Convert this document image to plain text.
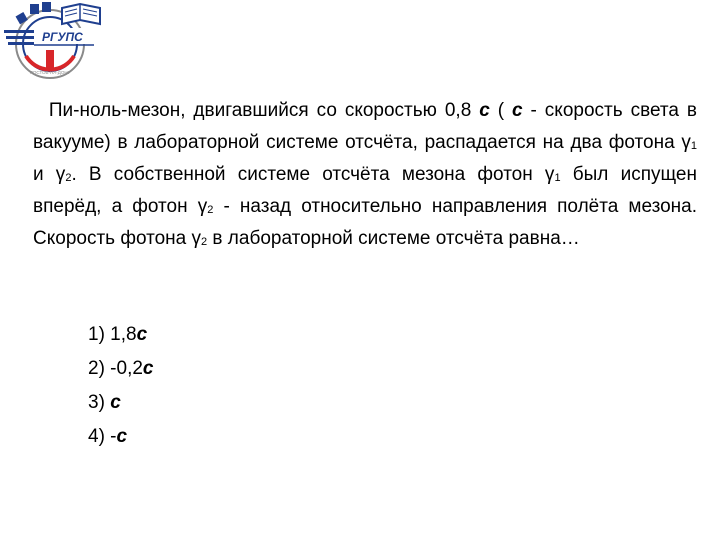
РГУПС
РОСТОВ-НА-ДОНУ

Пи-ноль-мезон, двигавшийся со скоростью 0,8 c ( c - скорость света в вакууме) в лабораторной системе отсчёта, распадается на два фотона $\gamma_1$ и $\gamma_2$. В собственной системе отсчёта мезона фотон $\gamma_1$ был испущен вперёд, а фотон $\gamma_2$ - назад относительно направления полёта мезона. Скорость фотона $\gamma_2$ в лабораторной системе отсчёта равна…

1) 1,8c
2) -0,2c
3) c
4) -c
